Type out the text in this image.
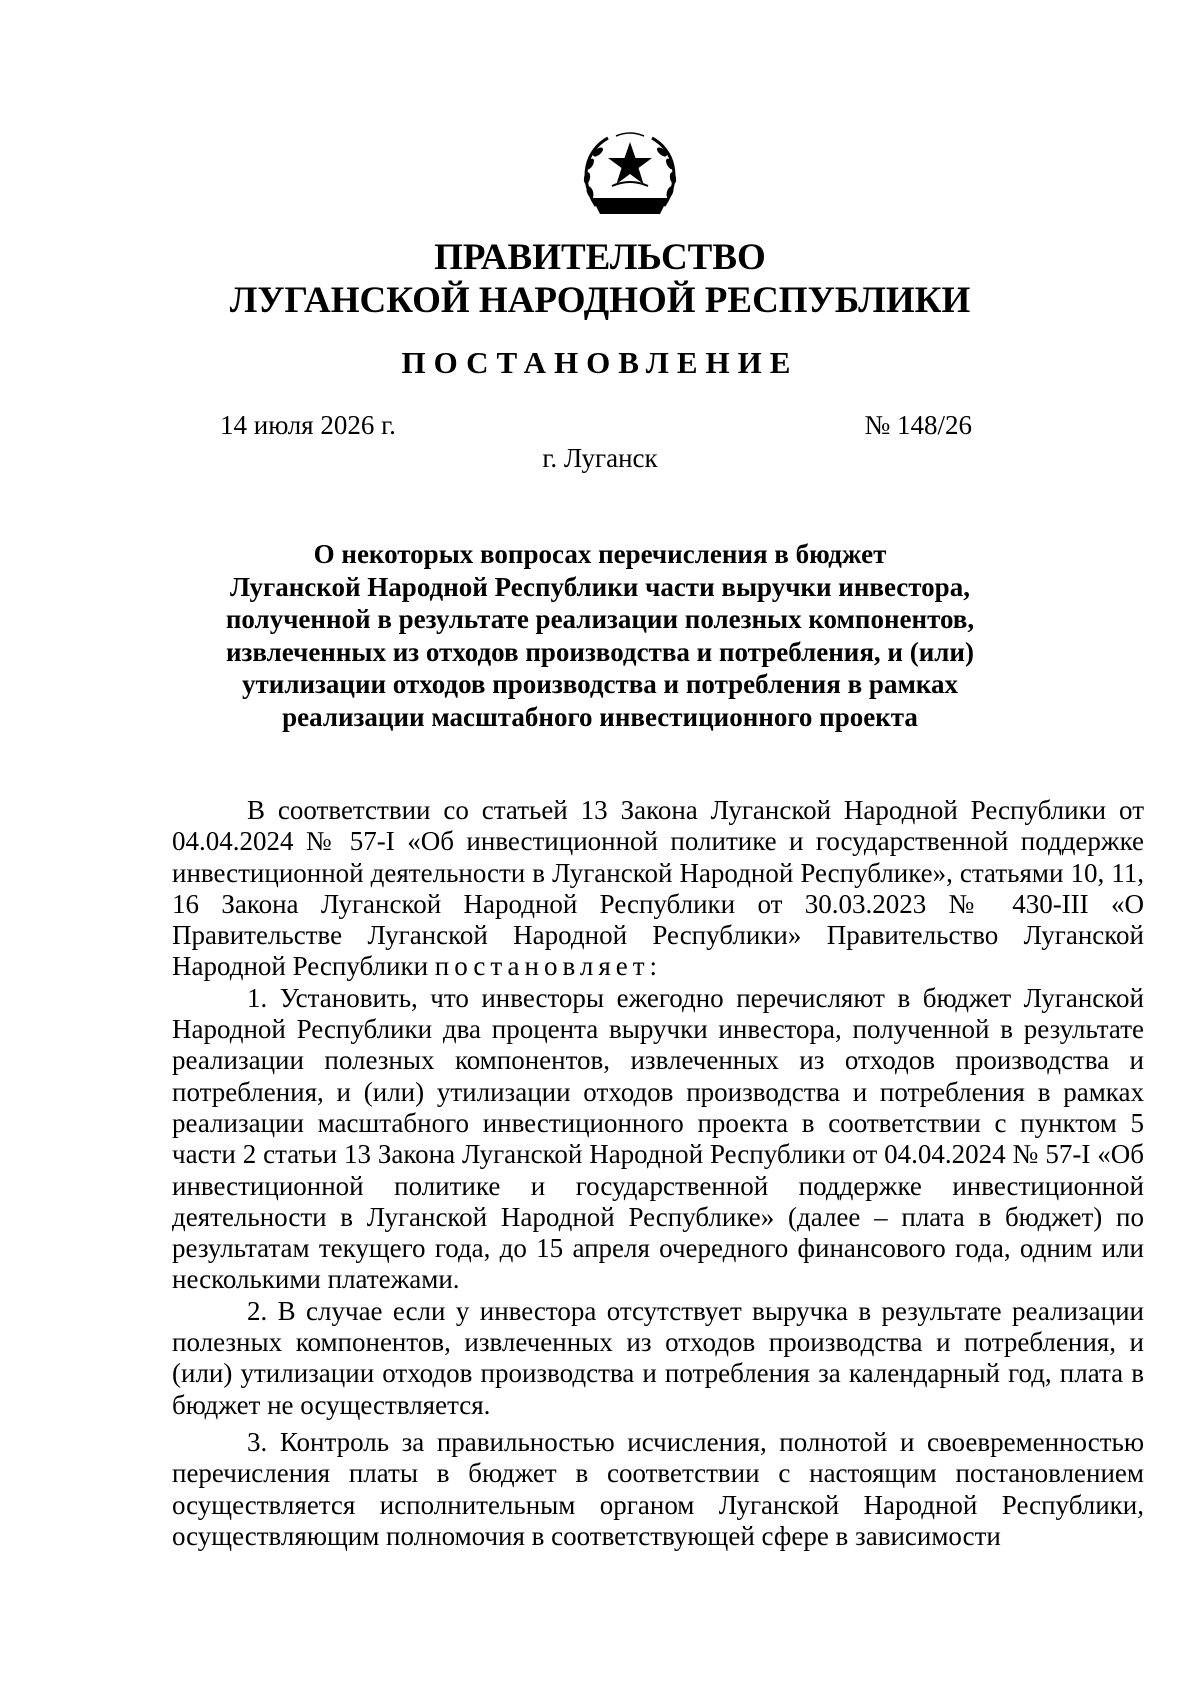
ПРАВИТЕЛЬСТВО
ЛУГАНСКОЙ НАРОДНОЙ РЕСПУБЛИКИ
ПОСТАНОВЛЕНИЕ
14 июля 2026 г.	№ 148/26
г. Луганск
О некоторых вопросах перечисления в бюджет
Луганской Народной Республики части выручки инвестора,
полученной в результате реализации полезных компонентов,
извлеченных из отходов производства и потребления, и (или)
утилизации отходов производства и потребления в рамках
реализации масштабного инвестиционного проекта

В соответствии со статьей 13 Закона Луганской Народной Республики от 04.04.2024 № 57-I «Об инвестиционной политике и государственной поддержке инвестиционной деятельности в Луганской Народной Республике», статьями 10, 11, 16 Закона Луганской Народной Республики от 30.03.2023 № 430-III «О Правительстве Луганской Народной Республики» Правительство Луганской Народной Республики постановляет:

1. Установить, что инвесторы ежегодно перечисляют в бюджет Луганской Народной Республики два процента выручки инвестора, полученной в результате реализации полезных компонентов, извлеченных из отходов производства и потребления, и (или) утилизации отходов производства и потребления в рамках реализации масштабного инвестиционного проекта в соответствии с пунктом 5 части 2 статьи 13 Закона Луганской Народной Республики от 04.04.2024 № 57-I «Об инвестиционной политике и государственной поддержке инвестиционной деятельности в Луганской Народной Республике» (далее – плата в бюджет) по результатам текущего года, до 15 апреля очередного финансового года, одним или несколькими платежами.

2. В случае если у инвестора отсутствует выручка в результате реализации полезных компонентов, извлеченных из отходов производства и потребления, и (или) утилизации отходов производства и потребления за календарный год, плата в бюджет не осуществляется.

3. Контроль за правильностью исчисления, полнотой и своевременностью перечисления платы в бюджет в соответствии с настоящим постановлением осуществляется исполнительным органом Луганской Народной Республики, осуществляющим полномочия в соответствующей сфере в зависимости
